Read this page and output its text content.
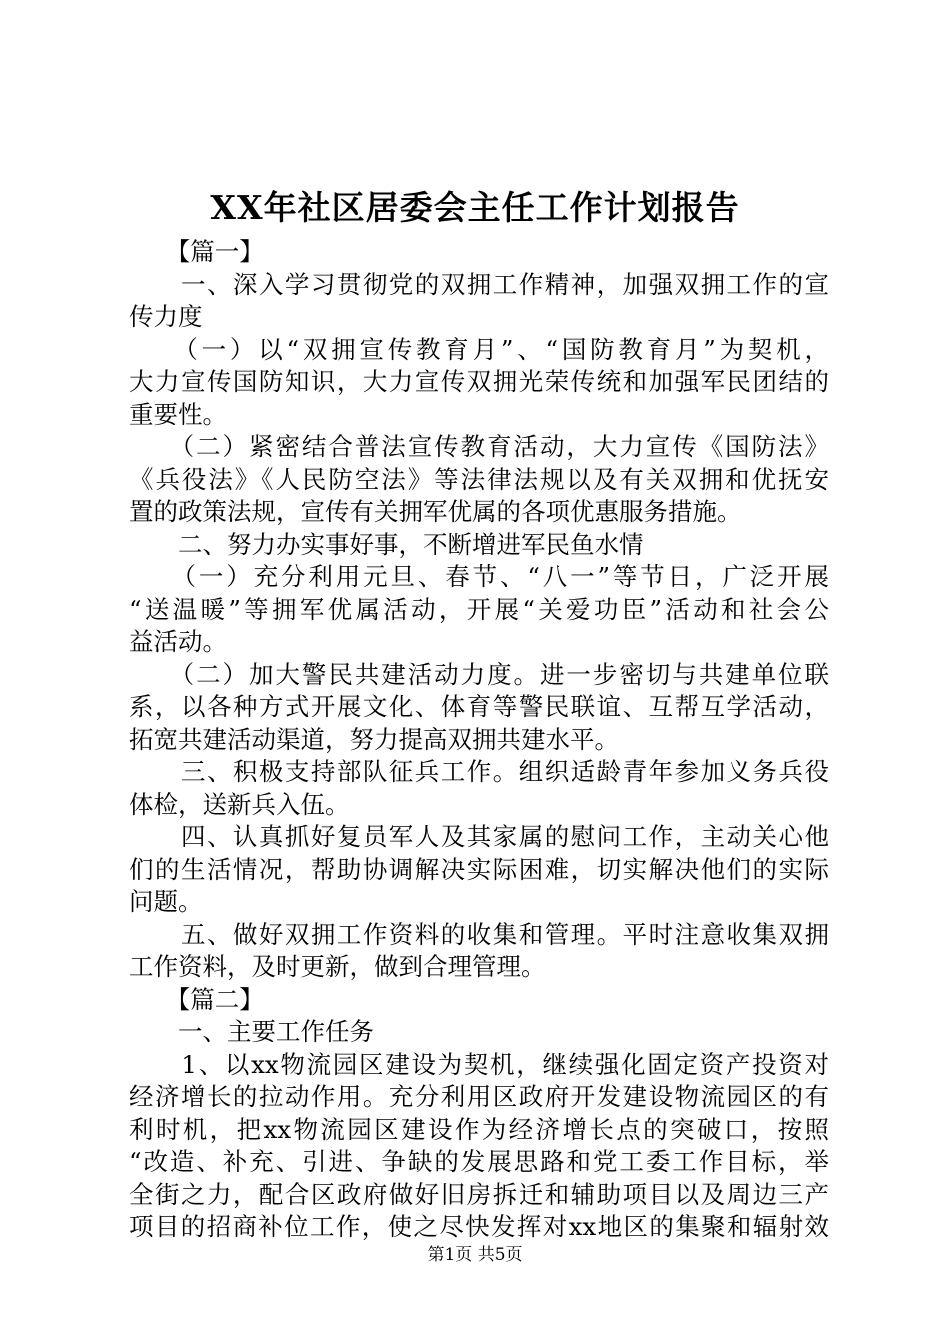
XX年社区居委会主任工作计划报告
　　【篇一】
　　一、深入学习贯彻党的双拥工作精神，加强双拥工作的宣
传力度
　　（一）以“双拥宣传教育月”、“国防教育月”为契机，
大力宣传国防知识，大力宣传双拥光荣传统和加强军民团结的
重要性。
　　（二）紧密结合普法宣传教育活动，大力宣传《国防法》
《兵役法》《人民防空法》等法律法规以及有关双拥和优抚安
置的政策法规，宣传有关拥军优属的各项优惠服务措施。
　　二、努力办实事好事，不断增进军民鱼水情
　　（一）充分利用元旦、春节、“八一”等节日，广泛开展
“送温暖”等拥军优属活动，开展“关爱功臣”活动和社会公
益活动。
　　（二）加大警民共建活动力度。进一步密切与共建单位联
系，以各种方式开展文化、体育等警民联谊、互帮互学活动，
拓宽共建活动渠道，努力提高双拥共建水平。
　　三、积极支持部队征兵工作。组织适龄青年参加义务兵役
体检，送新兵入伍。
　　四、认真抓好复员军人及其家属的慰问工作，主动关心他
们的生活情况，帮助协调解决实际困难，切实解决他们的实际
问题。
　　五、做好双拥工作资料的收集和管理。平时注意收集双拥
工作资料，及时更新，做到合理管理。
　　【篇二】
　　一、主要工作任务
　　1、以xx物流园区建设为契机，继续强化固定资产投资对
经济增长的拉动作用。充分利用区政府开发建设物流园区的有
利时机，把xx物流园区建设作为经济增长点的突破口，按照
“改造、补充、引进、争缺的发展思路和党工委工作目标，举
全街之力，配合区政府做好旧房拆迁和辅助项目以及周边三产
项目的招商补位工作，使之尽快发挥对xx地区的集聚和辐射效
第1页 共5页
